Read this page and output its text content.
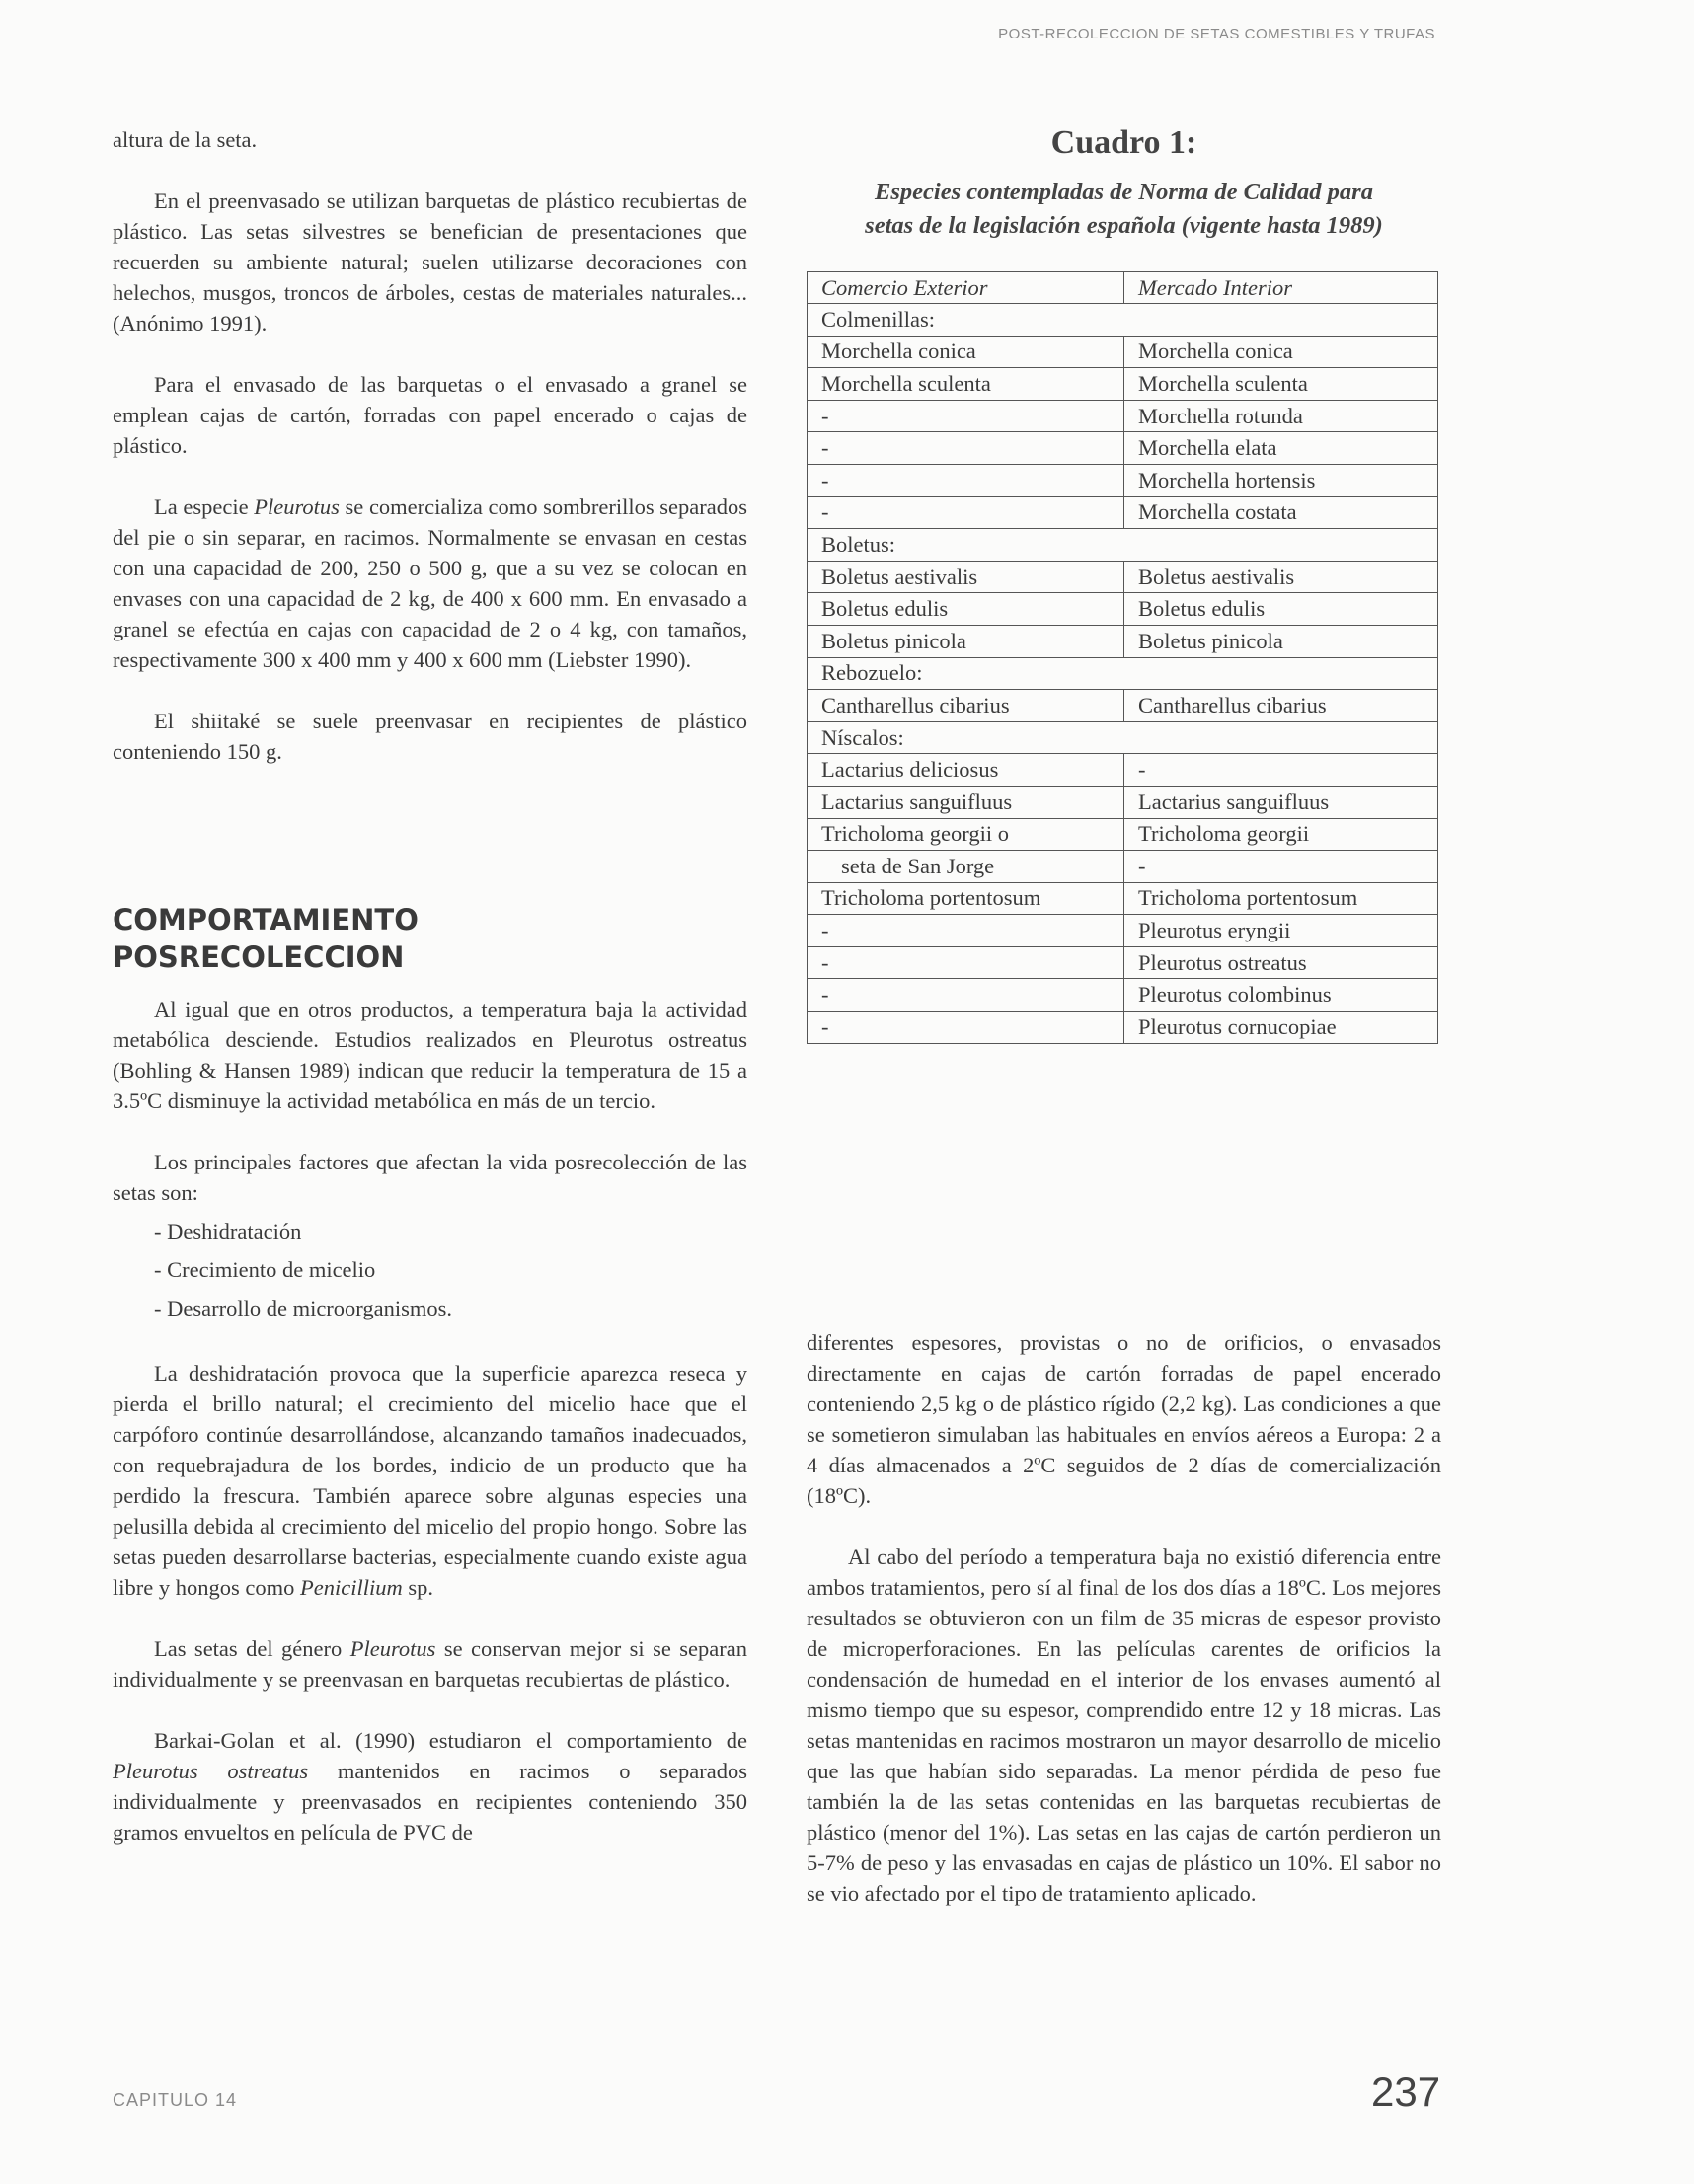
POST-RECOLECCION DE SETAS COMESTIBLES Y TRUFAS

altura de la seta.

En el preenvasado se utilizan barquetas de plástico recubiertas de plástico. Las setas silvestres se benefician de presentaciones que recuerden su ambiente natural; suelen utilizarse decoraciones con helechos, musgos, troncos de árboles, cestas de materiales naturales... (Anónimo 1991).

Para el envasado de las barquetas o el envasado a granel se emplean cajas de cartón, forradas con papel encerado o cajas de plástico.

La especie Pleurotus se comercializa como sombrerillos separados del pie o sin separar, en racimos. Normalmente se envasan en cestas con una capacidad de 200, 250 o 500 g, que a su vez se colocan en envases con una capacidad de 2 kg, de 400 x 600 mm. En envasado a granel se efectúa en cajas con capacidad de 2 o 4 kg, con tamaños, respectivamente 300 x 400 mm y 400 x 600 mm (Liebster 1990).

El shiitaké se suele preenvasar en recipientes de plástico conteniendo 150 g.

COMPORTAMIENTO
POSRECOLECCION

Al igual que en otros productos, a temperatura baja la actividad metabólica desciende. Estudios realizados en Pleurotus ostreatus (Bohling & Hansen 1989) indican que reducir la temperatura de 15 a 3.5ºC disminuye la actividad metabólica en más de un tercio.

Los principales factores que afectan la vida posrecolección de las setas son:

- Deshidratación
- Crecimiento de micelio
- Desarrollo de microorganismos.

La deshidratación provoca que la superficie aparezca reseca y pierda el brillo natural; el crecimiento del micelio hace que el carpóforo continúe desarrollándose, alcanzando tamaños inadecuados, con requebrajadura de los bordes, indicio de un producto que ha perdido la frescura. También aparece sobre algunas especies una pelusilla debida al crecimiento del micelio del propio hongo. Sobre las setas pueden desarrollarse bacterias, especialmente cuando existe agua libre y hongos como Penicillium sp.

Las setas del género Pleurotus se conservan mejor si se separan individualmente y se preenvasan en barquetas recubiertas de plástico.

Barkai-Golan et al. (1990) estudiaron el comportamiento de Pleurotus ostreatus mantenidos en racimos o separados individualmente y preenvasados en recipientes conteniendo 350 gramos envueltos en película de PVC de

Cuadro 1:
Especies contempladas de Norma de Calidad para
setas de la legislación española (vigente hasta 1989)
Comercio Exterior	Mercado Interior
Colmenillas:	
Morchella conica	Morchella conica
Morchella sculenta	Morchella sculenta
-	Morchella rotunda
-	Morchella elata
-	Morchella hortensis
-	Morchella costata
Boletus:	
Boletus aestivalis	Boletus aestivalis
Boletus edulis	Boletus edulis
Boletus pinicola	Boletus pinicola
Rebozuelo:	
Cantharellus cibarius	Cantharellus cibarius
Níscalos:	
Lactarius deliciosus	-
Lactarius sanguifluus	Lactarius sanguifluus
Tricholoma georgii o	Tricholoma georgii
seta de San Jorge	-
Tricholoma portentosum	Tricholoma portentosum
-	Pleurotus eryngii
-	Pleurotus ostreatus
-	Pleurotus colombinus
-	Pleurotus cornucopiae

diferentes espesores, provistas o no de orificios, o envasados directamente en cajas de cartón forradas de papel encerado conteniendo 2,5 kg o de plástico rígido (2,2 kg). Las condiciones a que se sometieron simulaban las habituales en envíos aéreos a Europa: 2 a 4 días almacenados a 2ºC seguidos de 2 días de comercialización (18ºC).

Al cabo del período a temperatura baja no existió diferencia entre ambos tratamientos, pero sí al final de los dos días a 18ºC. Los mejores resultados se obtuvieron con un film de 35 micras de espesor provisto de microperforaciones. En las películas carentes de orificios la condensación de humedad en el interior de los envases aumentó al mismo tiempo que su espesor, comprendido entre 12 y 18 micras. Las setas mantenidas en racimos mostraron un mayor desarrollo de micelio que las que habían sido separadas. La menor pérdida de peso fue también la de las setas contenidas en las barquetas recubiertas de plástico (menor del 1%). Las setas en las cajas de cartón perdieron un 5-7% de peso y las envasadas en cajas de plástico un 10%. El sabor no se vio afectado por el tipo de tratamiento aplicado.

CAPITULO 14	237
